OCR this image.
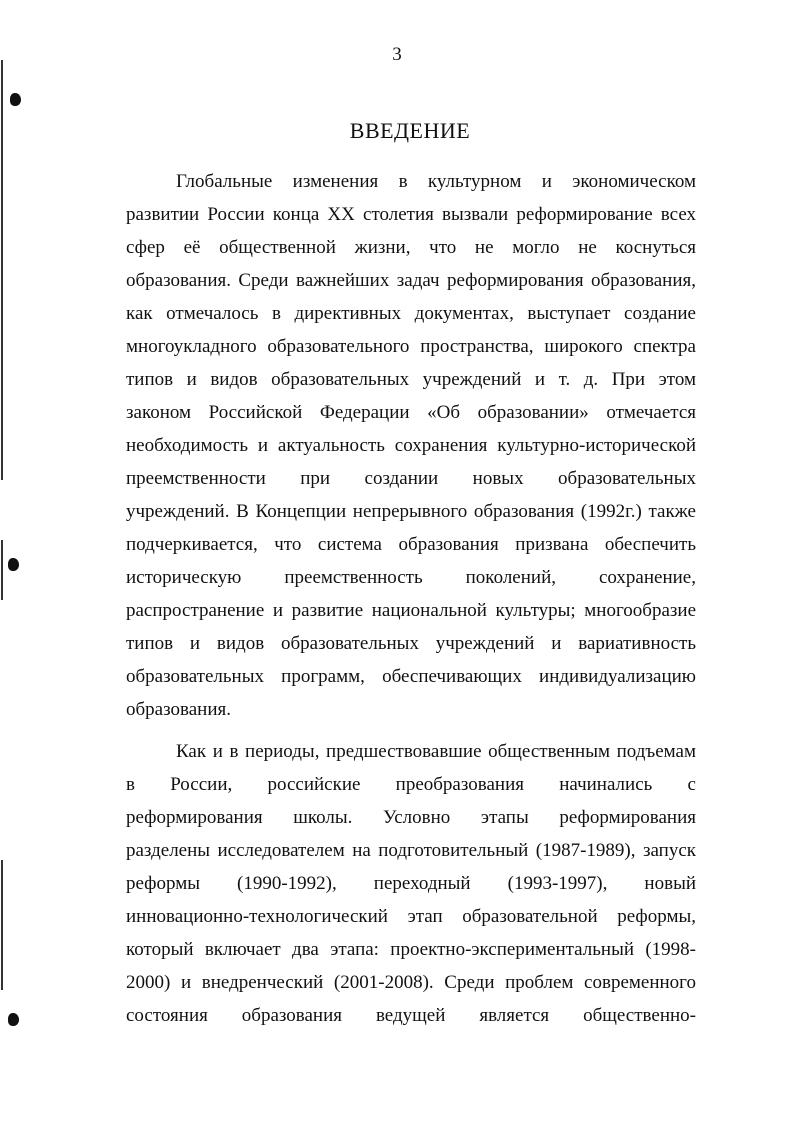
3
ВВЕДЕНИЕ
Глобальные изменения в культурном и экономическом
развитии России конца XX столетия вызвали реформирование всех
сфер её общественной жизни, что не могло не коснуться
образования. Среди важнейших задач реформирования образования,
как отмечалось в директивных документах, выступает создание
многоукладного образовательного пространства, широкого спектра
типов и видов образовательных учреждений и т. д. При этом
законом Российской Федерации «Об образовании» отмечается
необходимость и актуальность сохранения культурно-исторической
преемственности при создании новых образовательных
учреждений. В Концепции непрерывного образования (1992г.) также
подчеркивается, что система образования призвана обеспечить
историческую преемственность поколений, сохранение,
распространение и развитие национальной культуры; многообразие
типов и видов образовательных учреждений и вариативность
образовательных программ, обеспечивающих индивидуализацию
образования.
Как и в периоды, предшествовавшие общественным подъемам
в России, российские преобразования начинались с
реформирования школы. Условно этапы реформирования
разделены исследователем на подготовительный (1987-1989), запуск
реформы (1990-1992), переходный (1993-1997), новый
инновационно-технологический этап образовательной реформы,
который включает два этапа: проектно-экспериментальный (1998-
2000) и внедренческий (2001-2008). Среди проблем современного
состояния образования ведущей является общественно-
